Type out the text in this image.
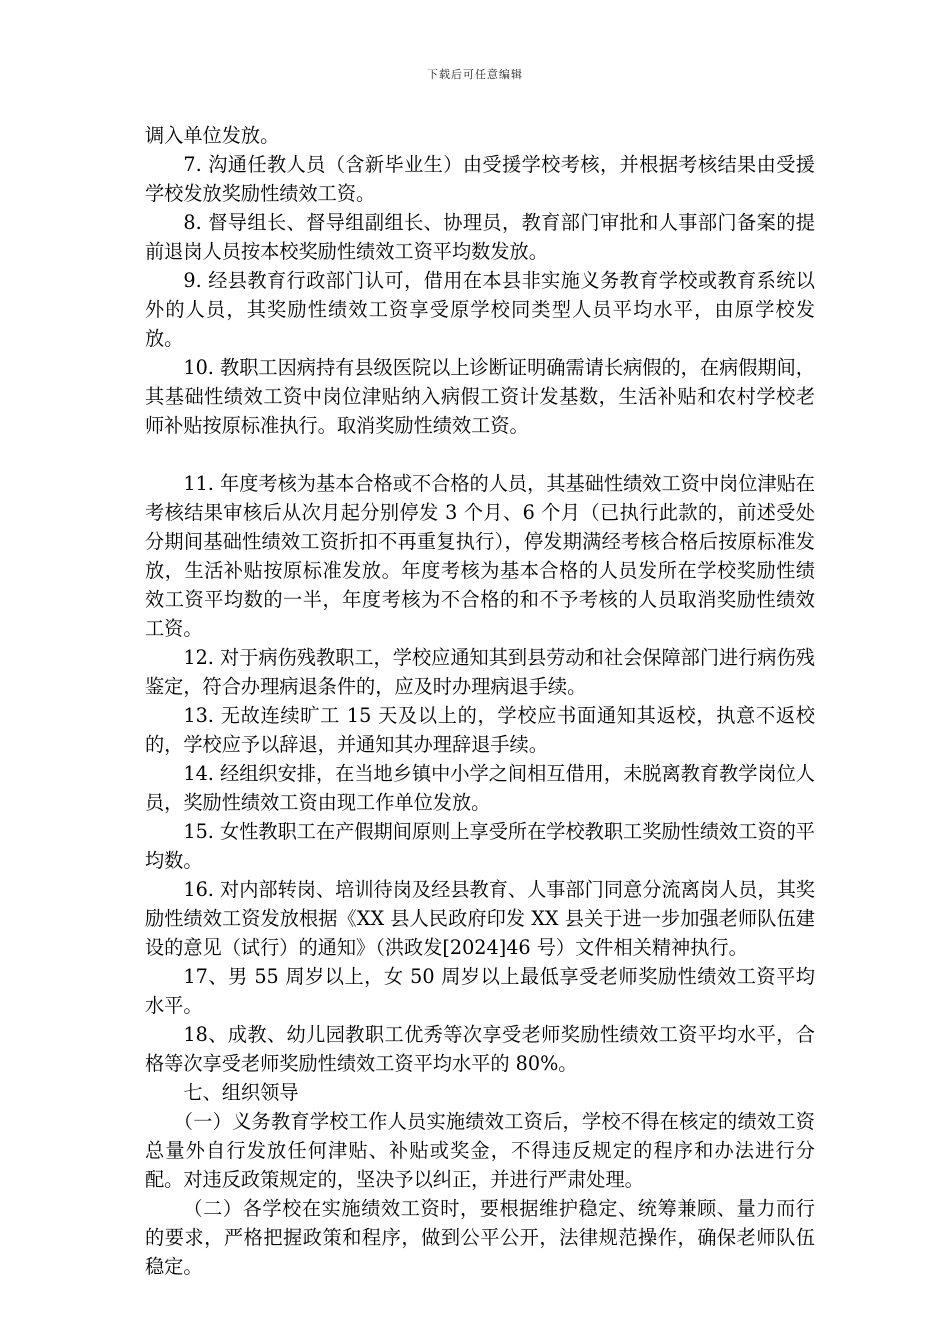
下载后可任意编辑

调入单位发放。

7. 沟通任教人员（含新毕业生）由受援学校考核，并根据考核结果由受援学校发放奖励性绩效工资。

8. 督导组长、督导组副组长、协理员，教育部门审批和人事部门备案的提前退岗人员按本校奖励性绩效工资平均数发放。

9. 经县教育行政部门认可，借用在本县非实施义务教育学校或教育系统以外的人员，其奖励性绩效工资享受原学校同类型人员平均水平，由原学校发放。

10. 教职工因病持有县级医院以上诊断证明确需请长病假的，在病假期间，其基础性绩效工资中岗位津贴纳入病假工资计发基数，生活补贴和农村学校老师补贴按原标准执行。取消奖励性绩效工资。

11. 年度考核为基本合格或不合格的人员，其基础性绩效工资中岗位津贴在考核结果审核后从次月起分别停发 3 个月、6 个月（已执行此款的，前述受处分期间基础性绩效工资折扣不再重复执行），停发期满经考核合格后按原标准发放，生活补贴按原标准发放。年度考核为基本合格的人员发所在学校奖励性绩效工资平均数的一半，年度考核为不合格的和不予考核的人员取消奖励性绩效工资。

12. 对于病伤残教职工，学校应通知其到县劳动和社会保障部门进行病伤残鉴定，符合办理病退条件的，应及时办理病退手续。

13. 无故连续旷工 15 天及以上的，学校应书面通知其返校，执意不返校的，学校应予以辞退，并通知其办理辞退手续。

14. 经组织安排，在当地乡镇中小学之间相互借用，未脱离教育教学岗位人员，奖励性绩效工资由现工作单位发放。

15. 女性教职工在产假期间原则上享受所在学校教职工奖励性绩效工资的平均数。

16. 对内部转岗、培训待岗及经县教育、人事部门同意分流离岗人员，其奖励性绩效工资发放根据《XX 县人民政府印发 XX 县关于进一步加强老师队伍建设的意见（试行）的通知》（洪政发[2024]46 号）文件相关精神执行。

17、男 55 周岁以上，女 50 周岁以上最低享受老师奖励性绩效工资平均水平。

18、成教、幼儿园教职工优秀等次享受老师奖励性绩效工资平均水平，合格等次享受老师奖励性绩效工资平均水平的 80%。

七、组织领导

（一）义务教育学校工作人员实施绩效工资后，学校不得在核定的绩效工资总量外自行发放任何津贴、补贴或奖金，不得违反规定的程序和办法进行分配。对违反政策规定的，坚决予以纠正，并进行严肃处理。

（二）各学校在实施绩效工资时，要根据维护稳定、统筹兼顾、量力而行的要求，严格把握政策和程序，做到公平公开，法律规范操作，确保老师队伍稳定。
